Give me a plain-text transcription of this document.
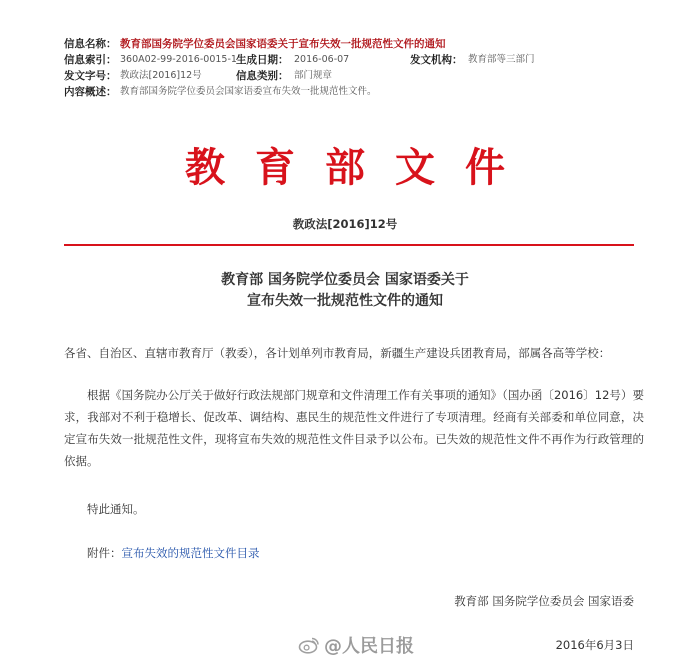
信息名称： 教育部国务院学位委员会国家语委关于宣布失效一批规范性文件的通知
信息索引： 360A02-99-2016-0015-1 生成日期： 2016-06-07	发文机构： 教育部等三部门
发文字号： 教政法[2016]12号	信息类别： 部门规章
内容概述： 教育部国务院学位委员会国家语委宣布失效一批规范性文件。
教育部文件
教政法[2016]12号
教育部 国务院学位委员会 国家语委关于
宣布失效一批规范性文件的通知
各省、自治区、直辖市教育厅（教委），各计划单列市教育局，新疆生产建设兵团教育局，部属各高等学校：
根据《国务院办公厅关于做好行政法规部门规章和文件清理工作有关事项的通知》（国办函〔2016〕12号）要求，我部对不利于稳增长、促改革、调结构、惠民生的规范性文件进行了专项清理。经商有关部委和单位同意，决定宣布失效一批规范性文件，现将宣布失效的规范性文件目录予以公布。已失效的规范性文件不再作为行政管理的依据。
特此通知。
附件：宣布失效的规范性文件目录
教育部 国务院学位委员会 国家语委
@人民日报	2016年6月3日
